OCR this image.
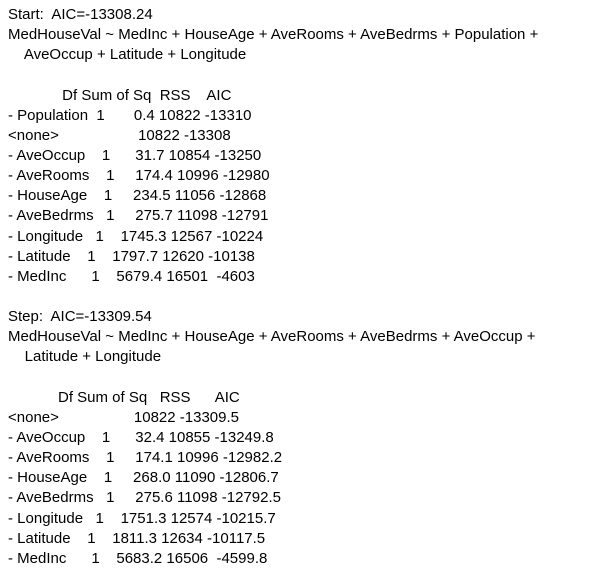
Start:  AIC=-13308.24
MedHouseVal ~ MedInc + HouseAge + AveRooms + AveBedrms + Population +
AveOccup + Latitude + Longitude
Df Sum of Sq  RSS    AIC
- Population  1       0.4 10822 -13310
<none>                   10822 -13308
- AveOccup    1      31.7 10854 -13250
- AveRooms    1     174.4 10996 -12980
- HouseAge    1     234.5 11056 -12868
- AveBedrms   1     275.7 11098 -12791
- Longitude   1    1745.3 12567 -10224
- Latitude    1    1797.7 12620 -10138
- MedInc      1    5679.4 16501  -4603
Step:  AIC=-13309.54
MedHouseVal ~ MedInc + HouseAge + AveRooms + AveBedrms + AveOccup +
Latitude + Longitude
Df Sum of Sq   RSS      AIC
<none>                  10822 -13309.5
- AveOccup    1      32.4 10855 -13249.8
- AveRooms    1     174.1 10996 -12982.2
- HouseAge    1     268.0 11090 -12806.7
- AveBedrms   1     275.6 11098 -12792.5
- Longitude   1    1751.3 12574 -10215.7
- Latitude    1    1811.3 12634 -10117.5
- MedInc      1    5683.2 16506  -4599.8
